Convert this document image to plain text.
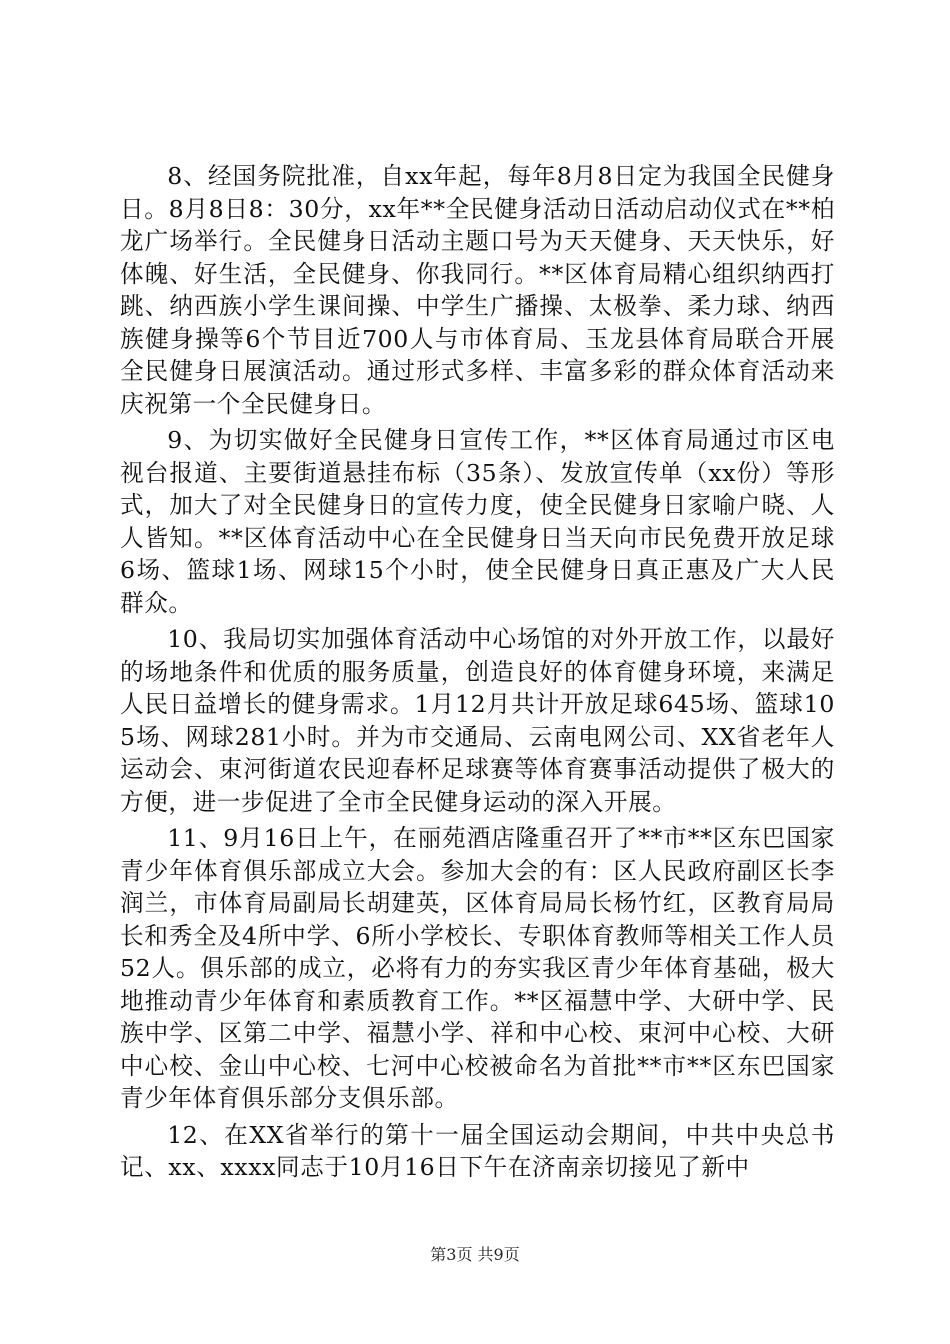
8、经国务院批准，自xx年起，每年8月8日定为我国全民健身日。8月8日8：30分，xx年**全民健身活动日活动启动仪式在**柏龙广场举行。全民健身日活动主题口号为天天健身、天天快乐，好体魄、好生活，全民健身、你我同行。**区体育局精心组织纳西打跳、纳西族小学生课间操、中学生广播操、太极拳、柔力球、纳西族健身操等6个节目近700人与市体育局、玉龙县体育局联合开展全民健身日展演活动。通过形式多样、丰富多彩的群众体育活动来庆祝第一个全民健身日。

9、为切实做好全民健身日宣传工作，**区体育局通过市区电视台报道、主要街道悬挂布标（35条）、发放宣传单（xx份）等形式，加大了对全民健身日的宣传力度，使全民健身日家喻户晓、人人皆知。**区体育活动中心在全民健身日当天向市民免费开放足球6场、篮球1场、网球15个小时，使全民健身日真正惠及广大人民群众。

10、我局切实加强体育活动中心场馆的对外开放工作，以最好的场地条件和优质的服务质量，创造良好的体育健身环境，来满足人民日益增长的健身需求。1月12月共计开放足球645场、篮球105场、网球281小时。并为市交通局、云南电网公司、XX省老年人运动会、束河街道农民迎春杯足球赛等体育赛事活动提供了极大的方便，进一步促进了全市全民健身运动的深入开展。

11、9月16日上午，在丽苑酒店隆重召开了**市**区东巴国家青少年体育俱乐部成立大会。参加大会的有：区人民政府副区长李润兰，市体育局副局长胡建英，区体育局局长杨竹红，区教育局局长和秀全及4所中学、6所小学校长、专职体育教师等相关工作人员52人。俱乐部的成立，必将有力的夯实我区青少年体育基础，极大地推动青少年体育和素质教育工作。**区福慧中学、大研中学、民族中学、区第二中学、福慧小学、祥和中心校、束河中心校、大研中心校、金山中心校、七河中心校被命名为首批**市**区东巴国家青少年体育俱乐部分支俱乐部。

12、在XX省举行的第十一届全国运动会期间，中共中央总书记、xx、xxxx同志于10月16日下午在济南亲切接见了新中

第3页 共9页
